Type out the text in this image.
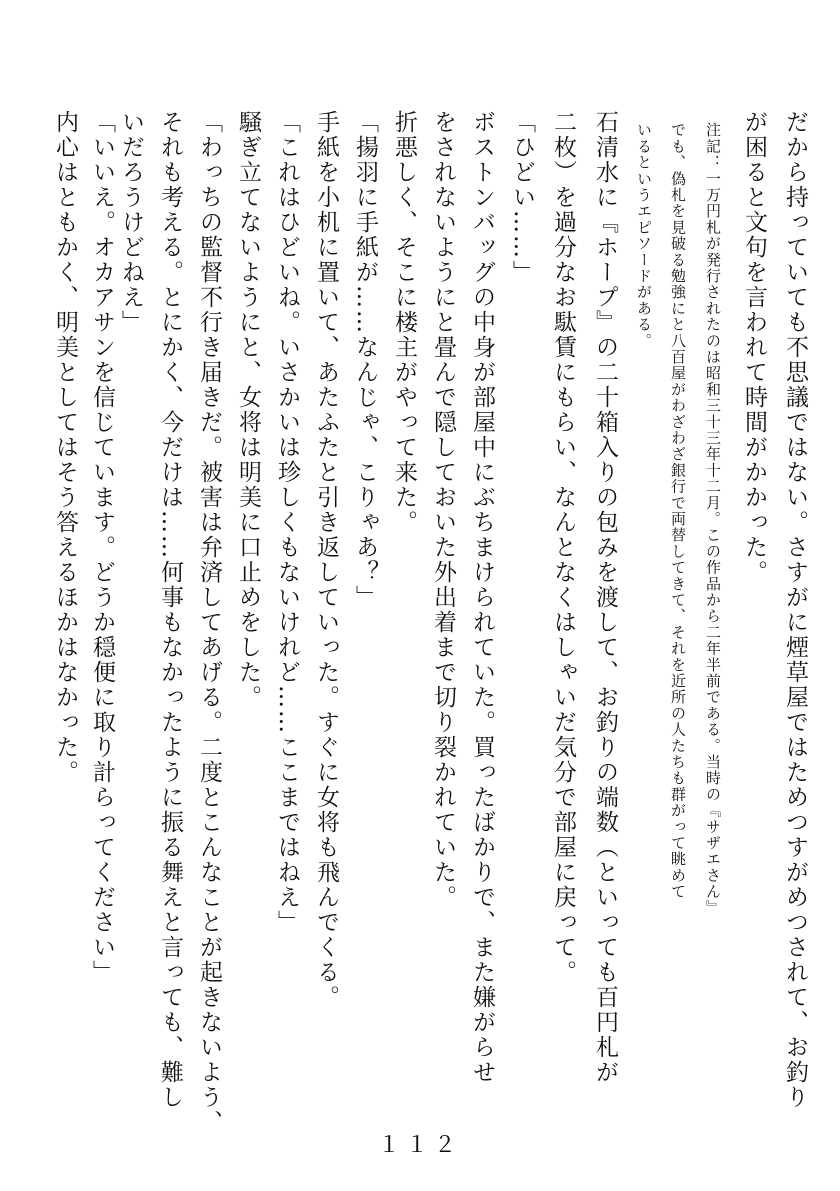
だから持っていても不思議ではない。さすがに煙草屋ではためつすがめつされて、お釣り
が困ると文句を言われて時間がかかった。
注記：一万円札が発行されたのは昭和三十三年十二月。この作品から二年半前である。当時の『サザエさん』
でも、偽札を見破る勉強にと八百屋がわざわざ銀行で両替してきて、それを近所の人たちも群がって眺めて
いるというエピソードがある。
石清水に『ホープ』の二十箱入りの包みを渡して、お釣りの端数（といっても百円札が
二枚）を過分なお駄賃にもらい、なんとなくはしゃいだ気分で部屋に戻って。
「ひどい……」
ボストンバッグの中身が部屋中にぶちまけられていた。買ったばかりで、また嫌がらせ
をされないようにと畳んで隠しておいた外出着まで切り裂かれていた。
折悪しく、そこに楼主がやって来た。
「揚羽に手紙が……なんじゃ、こりゃあ？」
手紙を小机に置いて、あたふたと引き返していった。すぐに女将も飛んでくる。
「これはひどいね。いさかいは珍しくもないけれど……ここまではねえ」
騒ぎ立てないようにと、女将は明美に口止めをした。
「わっちの監督不行き届きだ。被害は弁済してあげる。二度とこんなことが起きないよう、
それも考える。とにかく、今だけは……何事もなかったように振る舞えと言っても、難し
いだろうけどねえ」
「いいえ。オカアサンを信じています。どうか穏便に取り計らってください」
内心はともかく、明美としてはそう答えるほかはなかった。
１１２
